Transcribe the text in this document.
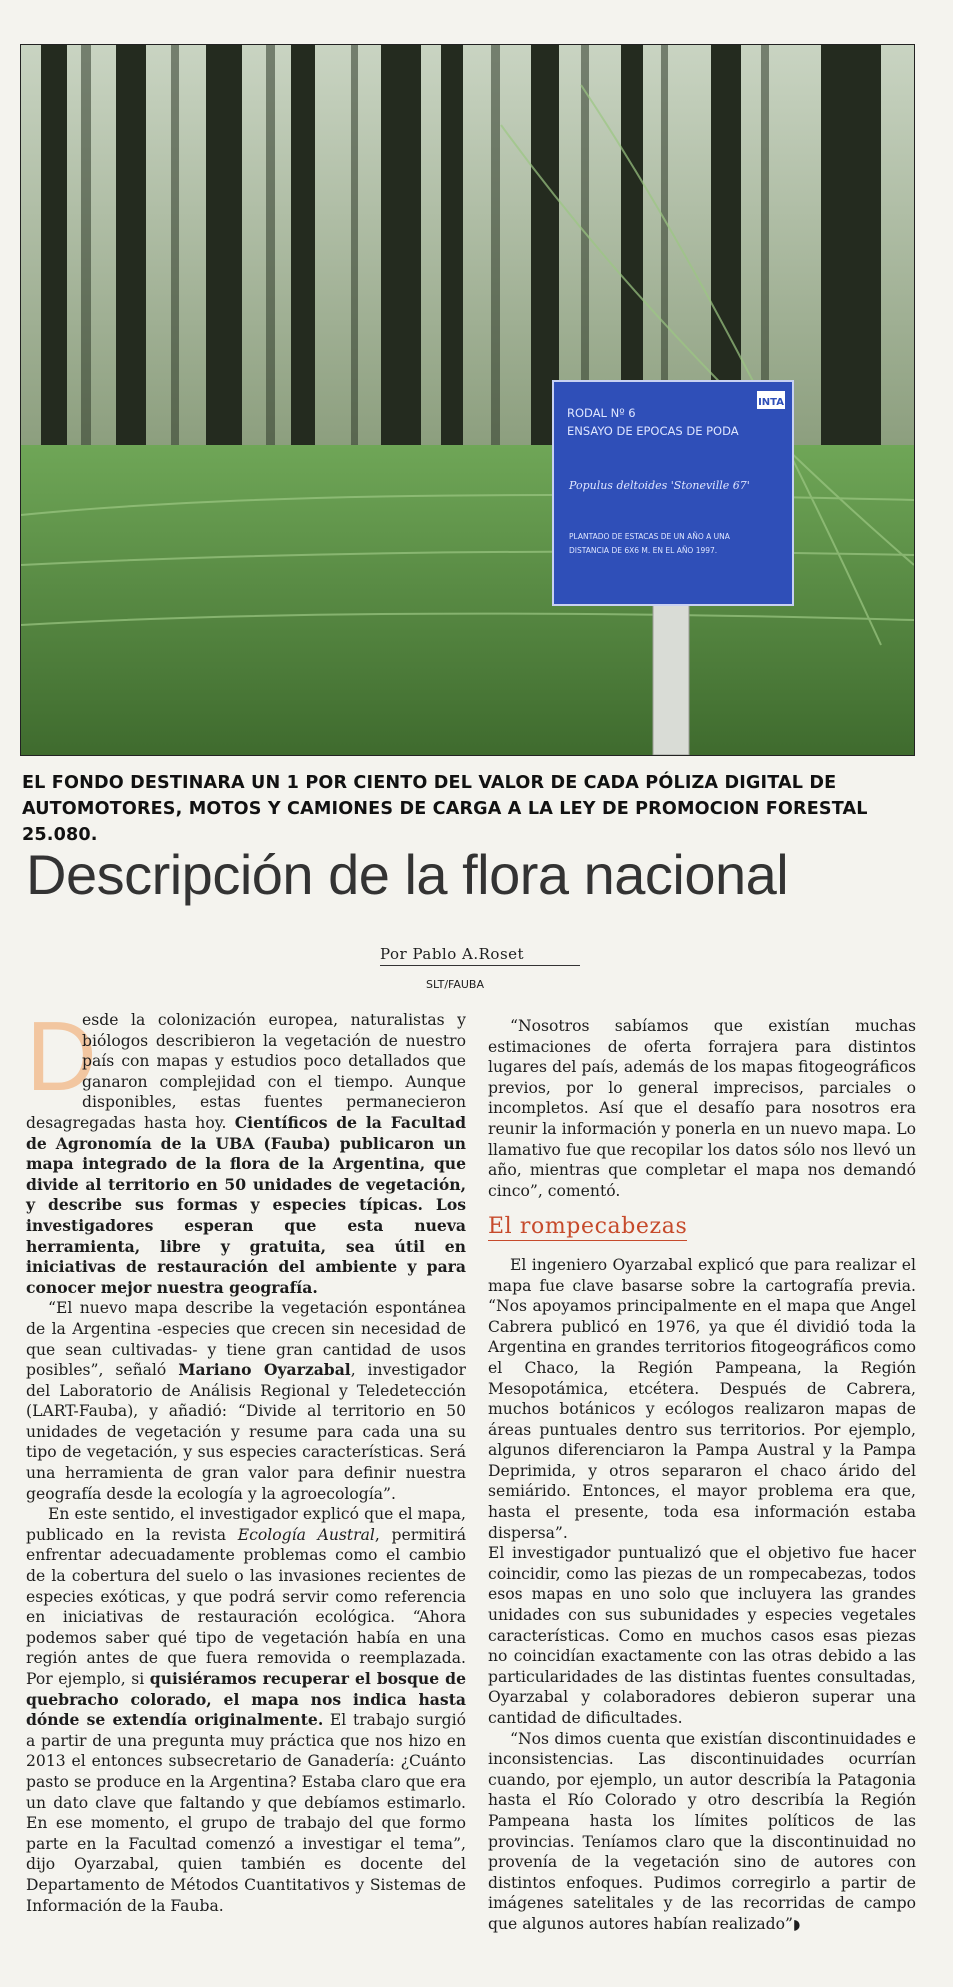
INTA
RODAL Nº 6
ENSAYO DE EPOCAS DE PODA
Populus deltoides 'Stoneville 67'
PLANTADO DE ESTACAS DE UN AÑO A UNA
DISTANCIA DE 6X6 M. EN EL AÑO 1997.
EL FONDO DESTINARA UN 1 POR CIENTO DEL VALOR DE CADA PÓLIZA DIGITAL DE AUTOMOTORES, MOTOS Y CAMIONES DE CARGA A LA LEY DE PROMOCION FORESTAL 25.080.
Descripción de la flora nacional
Por Pablo A.Roset
SLT/FAUBA

D
esde la colonización europea, naturalistas y biólogos describieron la vegetación de nuestro país con mapas y estudios poco detallados que ganaron complejidad con el tiempo. Aunque disponibles, estas fuentes permanecieron desagregadas hasta hoy. Científicos de la Facultad de Agronomía de la UBA (Fauba) publicaron un mapa integrado de la flora de la Argentina, que divide al territorio en 50 unidades de vegetación, y describe sus formas y especies típicas. Los investigadores esperan que esta nueva herramienta, libre y gratuita, sea útil en iniciativas de restauración del ambiente y para conocer mejor nuestra geografía.

“El nuevo mapa describe la vegetación espontánea de la Argentina -especies que crecen sin necesidad de que sean cultivadas- y tiene gran cantidad de usos posibles”, señaló Mariano Oyarzabal, investigador del Laboratorio de Análisis Regional y Teledetección (LART-Fauba), y añadió: “Divide al territorio en 50 unidades de vegetación y resume para cada una su tipo de vegetación, y sus especies características. Será una herramienta de gran valor para definir nuestra geografía desde la ecología y la agroecología”.

En este sentido, el investigador explicó que el mapa, publicado en la revista Ecología Austral, permitirá enfrentar adecuadamente problemas como el cambio de la cobertura del suelo o las invasiones recientes de especies exóticas, y que podrá servir como referencia en iniciativas de restauración ecológica. “Ahora podemos saber qué tipo de vegetación había en una región antes de que fuera removida o reemplazada. Por ejemplo, si quisiéramos recuperar el bosque de quebracho colorado, el mapa nos indica hasta dónde se extendía originalmente. El trabajo surgió a partir de una pregunta muy práctica que nos hizo en 2013 el entonces subsecretario de Ganadería: ¿Cuánto pasto se produce en la Argentina? Estaba claro que era un dato clave que faltando y que debíamos estimarlo. En ese momento, el grupo de trabajo del que formo parte en la Facultad comenzó a investigar el tema”, dijo Oyarzabal, quien también es docente del Departamento de Métodos Cuantitativos y Sistemas de Información de la Fauba.

“Nosotros sabíamos que existían muchas estimaciones de oferta forrajera para distintos lugares del país, además de los mapas fitogeográficos previos, por lo general imprecisos, parciales o incompletos. Así que el desafío para nosotros era reunir la información y ponerla en un nuevo mapa. Lo llamativo fue que recopilar los datos sólo nos llevó un año, mientras que completar el mapa nos demandó cinco”, comentó.

El rompecabezas

El ingeniero Oyarzabal explicó que para realizar el mapa fue clave basarse sobre la cartografía previa. “Nos apoyamos principalmente en el mapa que Angel Cabrera publicó en 1976, ya que él dividió toda la Argentina en grandes territorios fitogeográficos como el Chaco, la Región Pampeana, la Región Mesopotámica, etcétera. Después de Cabrera, muchos botánicos y ecólogos realizaron mapas de áreas puntuales dentro sus territorios. Por ejemplo, algunos diferenciaron la Pampa Austral y la Pampa Deprimida, y otros separaron el chaco árido del semiárido. Entonces, el mayor problema era que, hasta el presente, toda esa información estaba dispersa”.

El investigador puntualizó que el objetivo fue hacer coincidir, como las piezas de un rompecabezas, todos esos mapas en uno solo que incluyera las grandes unidades con sus subunidades y especies vegetales características. Como en muchos casos esas piezas no coincidían exactamente con las otras debido a las particularidades de las distintas fuentes consultadas, Oyarzabal y colaboradores debieron superar una cantidad de dificultades.

“Nos dimos cuenta que existían discontinuidades e inconsistencias. Las discontinuidades ocurrían cuando, por ejemplo, un autor describía la Patagonia hasta el Río Colorado y otro describía la Región Pampeana hasta los límites políticos de las provincias. Teníamos claro que la discontinuidad no provenía de la vegetación sino de autores con distintos enfoques. Pudimos corregirlo a partir de imágenes satelitales y de las recorridas de campo que algunos autores habían realizado”◗
